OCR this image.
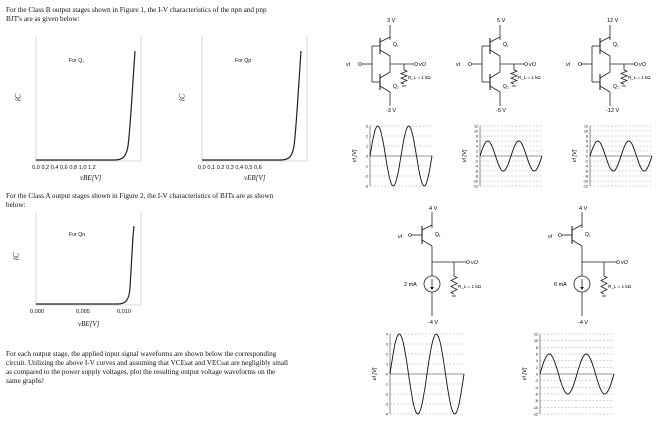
For the Class B output stages shown in Figure 1, the I-V characteristics of the npn and pnp
BJT's are as given below:
iC
For Q₁
0,0 0,2 0,4 0,6 0,8 1,0 1,2
vBE[V]
iC
For Qp
0,0 0,1 0,2 0,3 0,4 0,5 0,6
vEB[V]
For the Class A output stages shown in Figure 2, the I-V characteristics of BJTs are as shown
below:
iC
For Qn
0,000	0,005	0,010
vBE[V]
For each output stage, the applied input signal waveforms are shown below the corresponding
circuit. Utilizing the above I-V curves and assuming that VCEsat and VECsat are negligibly small
as compared to the power supply voltages, plot the resulting output voltage waveforms on the
same graphs!
3 V
Q₁
Q₂
-3 V
vI	vO
R_L = 1 kΩ
3
2
1
0
-1
-2
-3
vI [V]
5 V
Q₁
Q₂
-5 V
vI	vO
R_L = 1 kΩ
12
10
8
6
4
2
0
-2
-4
-6
-8
-10
-12
vI [V]
12 V
Q₁
Q₂
-12 V
vI	vO
R_L = 1 kΩ
12
10
8
6
4
2
0
-2
-4
-6
-8
-10
-12
vI [V]
4 V
Q₁
vI
vO
2 mA
-4 V
R_L = 1 kΩ
4
3
2
1
0
-1
-2
-3
-4
vI [V]
4 V
Q₁
vI
vO
6 mA
-4 V
R_L = 1 kΩ
12
10
8
6
4
2
0
-2
-4
-6
-8
-10
-12
vI [V]
